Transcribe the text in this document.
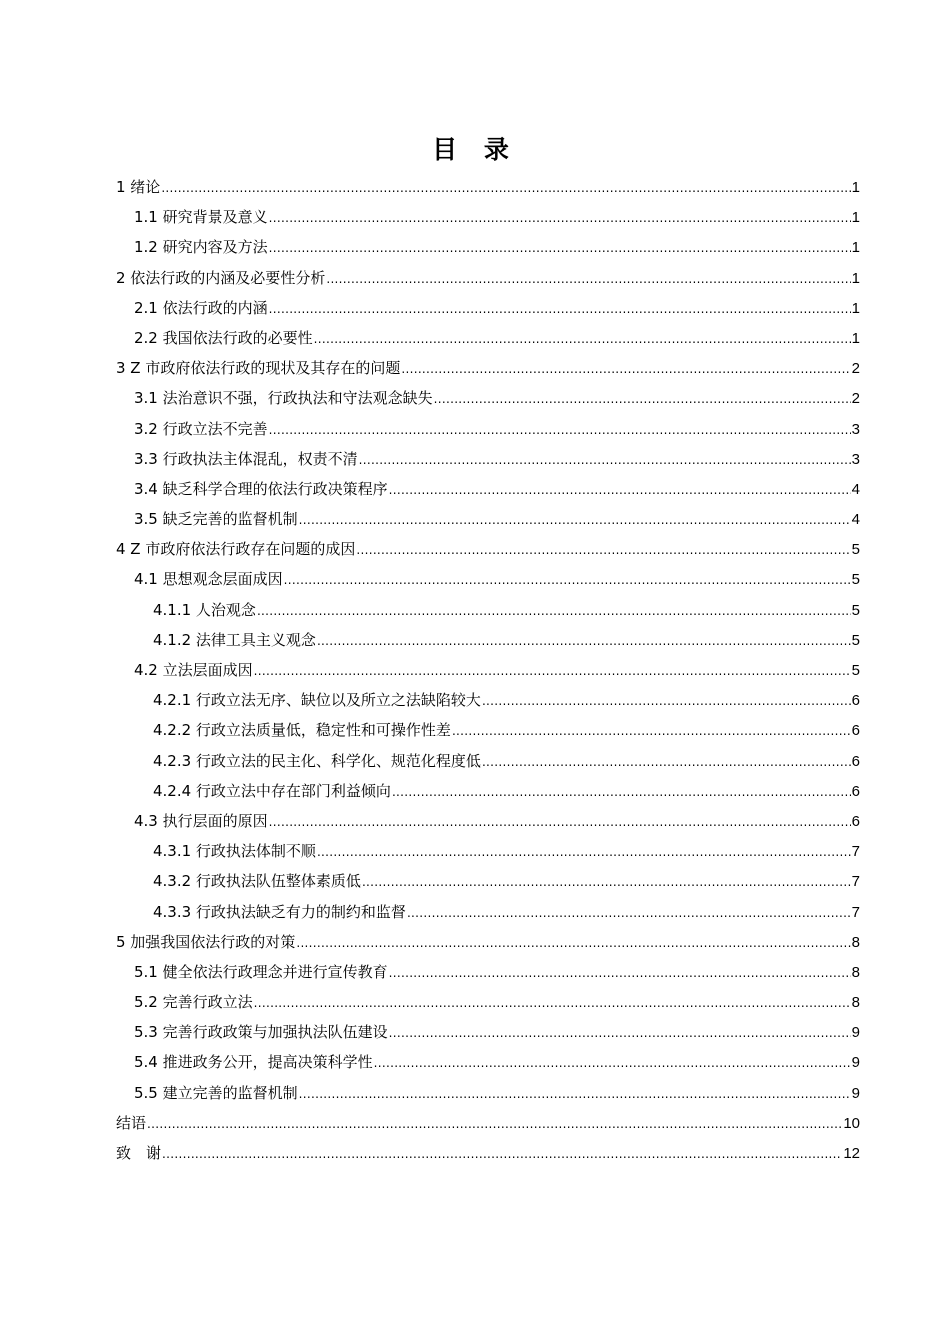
目 录
1 绪论 .....	1
1.1 研究背景及意义 .....	1
1.2 研究内容及方法 .....	1
2 依法行政的内涵及必要性分析 .....	1
2.1 依法行政的内涵 .....	1
2.2 我国依法行政的必要性 .....	1
3 Z 市政府依法行政的现状及其存在的问题 .....	2
3.1 法治意识不强，行政执法和守法观念缺失 .....	2
3.2 行政立法不完善 .....	3
3.3 行政执法主体混乱，权责不清 .....	3
3.4 缺乏科学合理的依法行政决策程序 .....	4
3.5 缺乏完善的监督机制 .....	4
4 Z 市政府依法行政存在问题的成因 .....	5
4.1 思想观念层面成因 .....	5
4.1.1 人治观念 .....	5
4.1.2 法律工具主义观念 .....	5
4.2 立法层面成因 .....	5
4.2.1 行政立法无序、缺位以及所立之法缺陷较大 .....	6
4.2.2 行政立法质量低，稳定性和可操作性差 .....	6
4.2.3 行政立法的民主化、科学化、规范化程度低 .....	6
4.2.4 行政立法中存在部门利益倾向 .....	6
4.3 执行层面的原因 .....	6
4.3.1 行政执法体制不顺 .....	7
4.3.2 行政执法队伍整体素质低 .....	7
4.3.3 行政执法缺乏有力的制约和监督 .....	7
5 加强我国依法行政的对策 .....	8
5.1 健全依法行政理念并进行宣传教育 .....	8
5.2 完善行政立法 .....	8
5.3 完善行政政策与加强执法队伍建设 .....	9
5.4 推进政务公开，提高决策科学性 .....	9
5.5 建立完善的监督机制 .....	9
结语 .....	10
致　谢 .....	12
